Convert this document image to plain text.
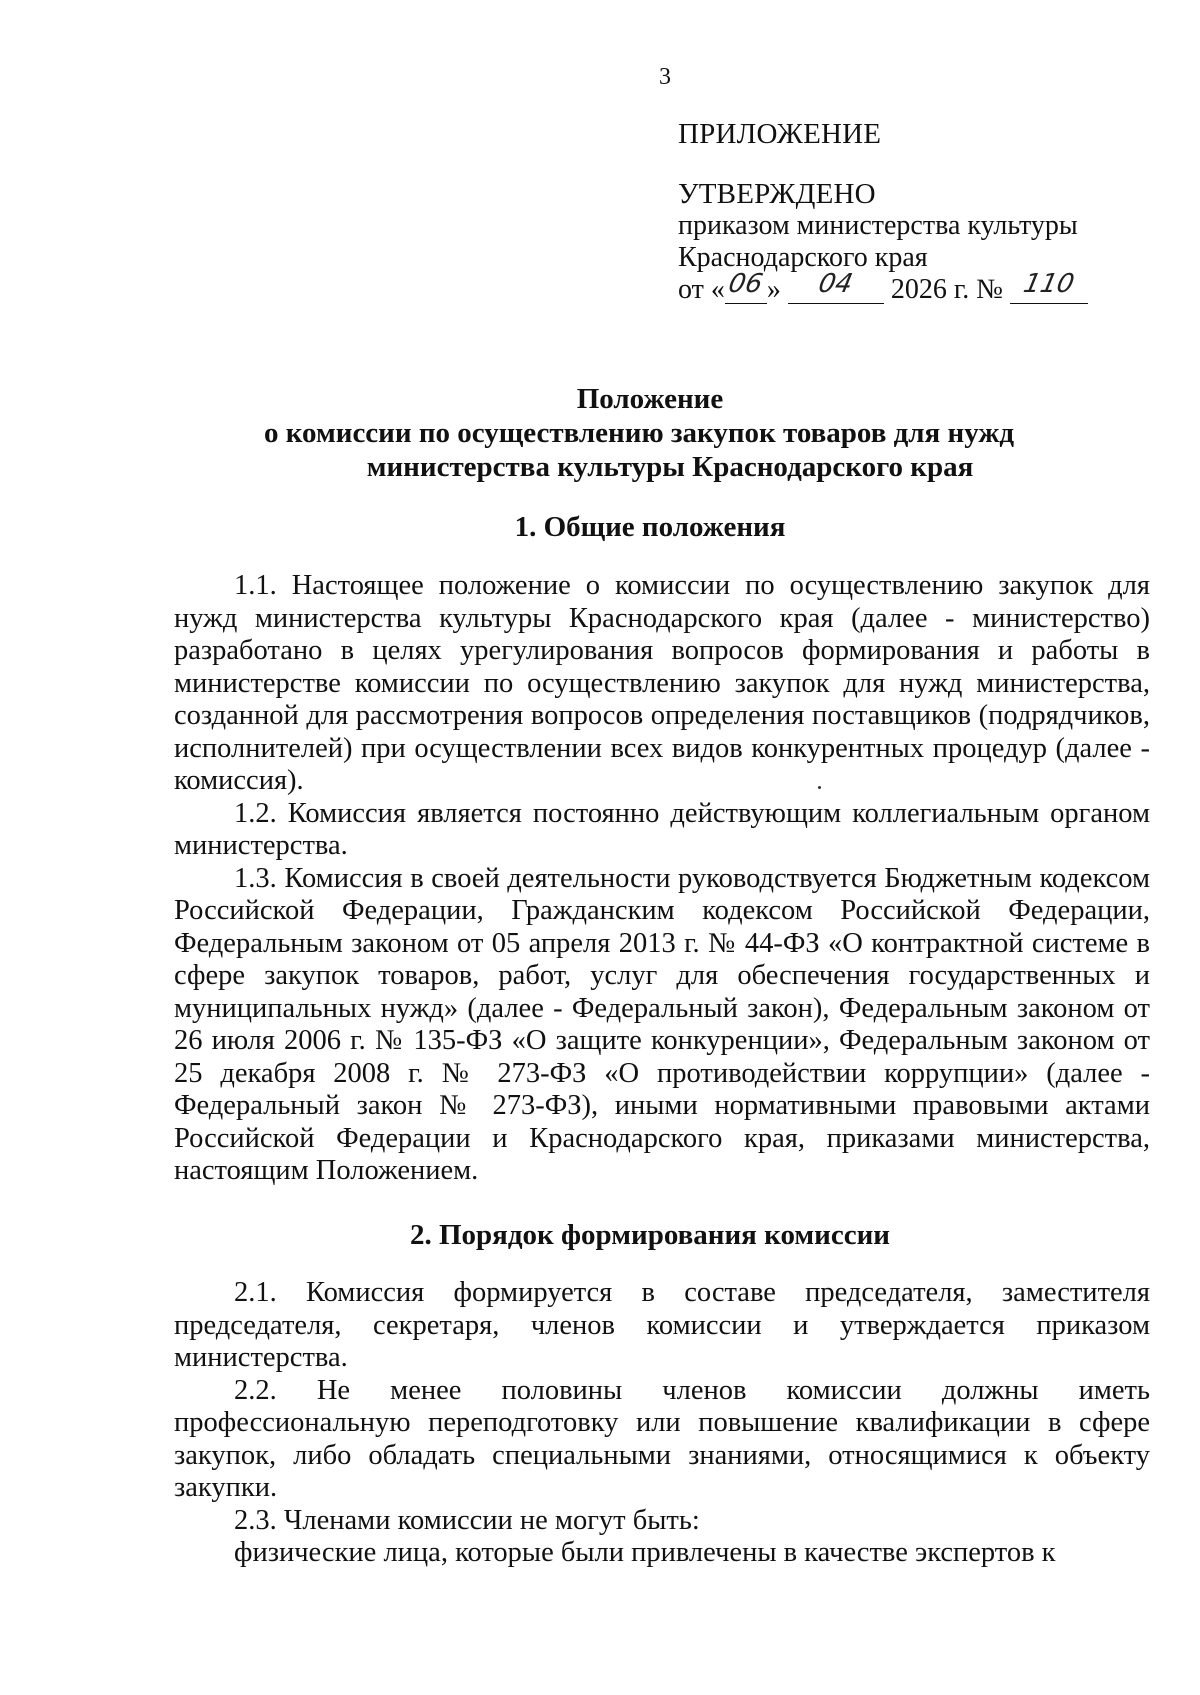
3
ПРИЛОЖЕНИЕ
УТВЕРЖДЕНО
приказом министерства культуры
Краснодарского края
от «06» 04 2026 г. № 110
Положение
о комиссии по осуществлению закупок товаров для нужд
министерства культуры Краснодарского края
1. Общие положения

1.1. Настоящее положение о комиссии по осуществлению закупок для нужд министерства культуры Краснодарского края (далее - министерство) разработано в целях урегулирования вопросов формирования и работы в министерстве комиссии по осуществлению закупок для нужд министерства, созданной для рассмотрения вопросов определения поставщиков (подрядчиков, исполнителей) при осуществлении всех видов конкурентных процедур (далее - комиссия).

1.2. Комиссия является постоянно действующим коллегиальным органом министерства.

1.3. Комиссия в своей деятельности руководствуется Бюджетным кодексом Российской Федерации, Гражданским кодексом Российской Федерации, Федеральным законом от 05 апреля 2013 г. № 44-ФЗ «О контрактной системе в сфере закупок товаров, работ, услуг для обеспечения государственных и муниципальных нужд» (далее - Федеральный закон), Федеральным законом от 26 июля 2006 г. № 135-ФЗ «О защите конкуренции», Федеральным законом от 25 декабря 2008 г. № 273-ФЗ «О противодействии коррупции» (далее - Федеральный закон № 273-ФЗ), иными нормативными правовыми актами Российской Федерации и Краснодарского края, приказами министерства, настоящим Положением.

2. Порядок формирования комиссии

2.1. Комиссия формируется в составе председателя, заместителя председателя, секретаря, членов комиссии и утверждается приказом министерства.

2.2. Не менее половины членов комиссии должны иметь профессиональную переподготовку или повышение квалификации в сфере закупок, либо обладать специальными знаниями, относящимися к объекту закупки.

2.3. Членами комиссии не могут быть:

физические лица, которые были привлечены в качестве экспертов к
